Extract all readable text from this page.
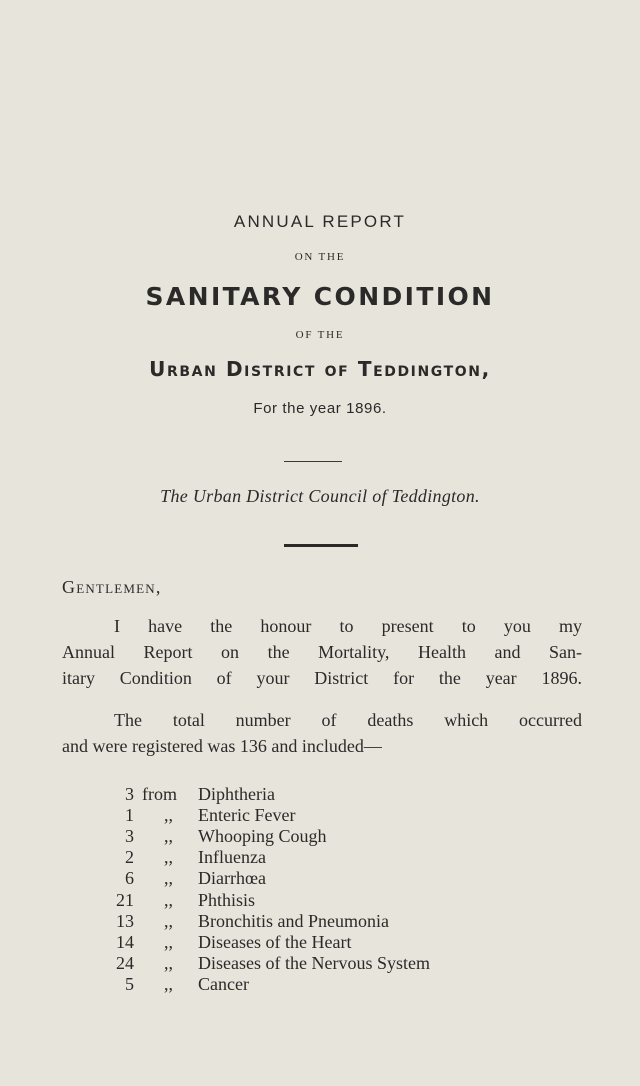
ANNUAL REPORT
ON THE
SANITARY CONDITION
OF THE
Urban District of Teddington,
For the year 1896.
The Urban District Council of Teddington.
Gentlemen,
I have the honour to present to you my
Annual Report on the Mortality, Health and San-
itary Condition of your District for the year 1896.
The total number of deaths which occurred
and were registered was 136 and included—
3 from Diphtheria
1 ,, Enteric Fever
3 ,, Whooping Cough
2 ,, Influenza
6 ,, Diarrhœa
21 ,, Phthisis
13 ,, Bronchitis and Pneumonia
14 ,, Diseases of the Heart
24 ,, Diseases of the Nervous System
5 ,, Cancer
